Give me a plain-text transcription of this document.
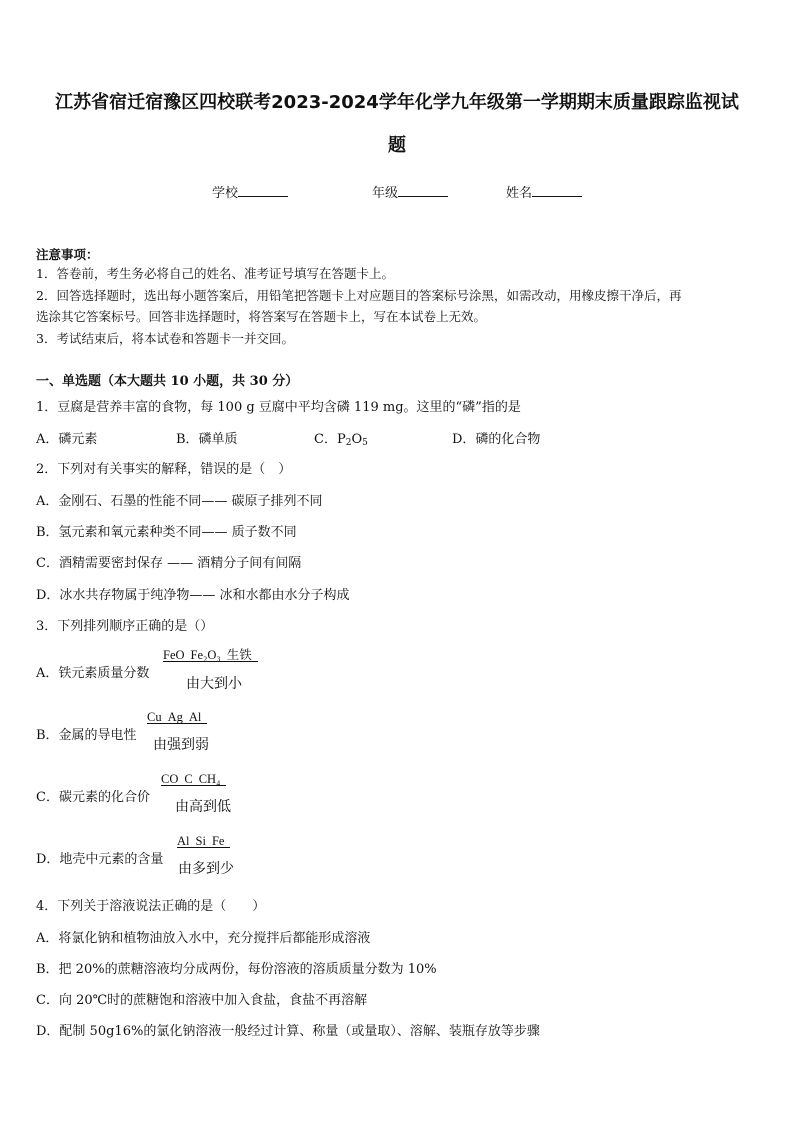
江苏省宿迁宿豫区四校联考2023-2024学年化学九年级第一学期期末质量跟踪监视试
题
学校	年级	姓名
注意事项：
1．答卷前，考生务必将自己的姓名、准考证号填写在答题卡上。
2．回答选择题时，选出每小题答案后，用铅笔把答题卡上对应题目的答案标号涂黑，如需改动，用橡皮擦干净后，再
选涂其它答案标号。回答非选择题时，将答案写在答题卡上，写在本试卷上无效。
3．考试结束后，将本试卷和答题卡一并交回。
一、单选题（本大题共 10 小题，共 30 分）
1．豆腐是营养丰富的食物，每 100 g 豆腐中平均含磷 119 mg。这里的“磷”指的是
A．磷元素	B．磷单质	C．$P_2O_5$	D．磷的化合物
2．下列对有关事实的解释，错误的是（　）
A．金刚石、石墨的性能不同—— 碳原子排列不同
B．氢元素和氧元素种类不同—— 质子数不同
C．酒精需要密封保存 —— 酒精分子间有间隔
D．冰水共存物属于纯净物—— 冰和水都由水分子构成
3．下列排列顺序正确的是（）
A．铁元素质量分数
FeO Fe₂O₃ 生铁
由大到小
B．金属的导电性
Cu Ag Al
由强到弱
C．碳元素的化合价
CO C CH₄
由高到低
D．地壳中元素的含量
Al Si Fe
由多到少
4．下列关于溶液说法正确的是（　　）
A．将氯化钠和植物油放入水中，充分搅拌后都能形成溶液
B．把 20%的蔗糖溶液均分成两份，每份溶液的溶质质量分数为 10%
C．向 20℃时的蔗糖饱和溶液中加入食盐，食盐不再溶解
D．配制 50g16%的氯化钠溶液一般经过计算、称量（或量取）、溶解、装瓶存放等步骤
